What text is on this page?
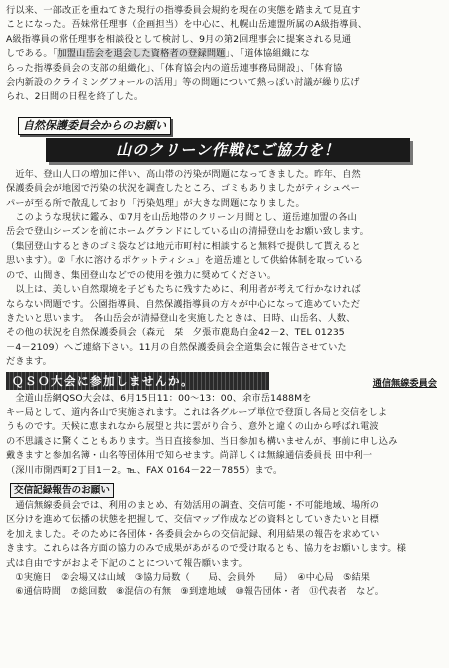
行以来、一部改正を重ねてきた現行の指導委員会規約を現在の実態を踏まえて見直す
ことになった。吾妹常任理事（企画担当）を中心に、札幌山岳連盟所属のA級指導員、
A級指導員の常任理事を相談役として検討し、9月の第2回理事会に提案される見通
しである。「加盟山岳会を退会した資格者の登録問題」、「道体協組織にな
らった指導委員会の支部の組織化」、「体育協会内の道岳連事務局開設」、「体育協
会内新設のクライミングフォールの活用」等の問題について熱っぽい討議が繰り広げ
られ、2日間の日程を終了した。

自然保護委員会からのお願い
山のクリーン作戦にご協力を！

　近年、登山人口の増加に伴い、高山帯の汚染が問題になってきました。昨年、自然
保護委員会が地図で汚染の状況を調査したところ、ゴミもありましたがティシュペー
パーが至る所で散乱しており「汚染処理」が大きな問題になりました。
　このような現状に鑑み、①7月を山岳地帯のクリーン月間とし、道岳連加盟の各山
岳会で登山シーズンを前にホームグランドにしている山の清掃登山をお願い致します。
（集団登山するときのゴミ袋などは地元市町村に相談すると無料で提供して貰えると
思います）。②「水に溶けるポケットティシュ」を道岳連として供給体制を取っている
ので、山間き、集団登山などでの使用を強力に奨めてください。
　以上は、美しい自然環境を子どもたちに残すために、利用者が考えて行かなければ
ならない問題です。公園指導員、自然保護指導員の方々が中心になって進めていただ
きたいと思います。　各山岳会が清掃登山を実施したときは、日時、山岳名、人数、
その他の状況を自然保護委員会（森元　栞　夕張市鹿島白金42－2、TEL 01235
－4－2109）へご連絡下さい。11月の自然保護委員会全道集会に報告させていた
だきます。

ＱＳＯ大会に参加しませんか。	通信無線委員会

　全道山岳網QSO大会は、6月15日11：00～13：00、余市岳1488Mを
キー局として、道内各山で実施されます。これは各グループ単位で登頂し各局と交信をしよ
うものです。天候に恵まれなから展望と共に雲がり合う、意外と違くの山から呼ばれ電波
の不思議さに驚くこともあります。当日直接参加、当日参加も構いませんが、事前に申し込み
戴きますと参加名簿・山名等団体用で知らせます。尚詳しくは無線通信委員長 田中利一
（深川市開西町2丁目1－2。℡、FAX 0164－22－7855）まで。

交信記録報告のお願い

　通信無線委員会では、利用のまとめ、有効活用の調査、交信可能・不可能地域、場所の
区分けを進めて伝播の状態を把握して、交信マップ作成などの資料としていきたいと目標
を加えました。そのために各団体・各委員会からの交信記録、利用結果の報告を求めてい
きます。これらは各方面の協力のみで成果があがるので受け取るとも、協力をお願いします。様
式は自由ですがおよそ下記のことについて報告願います。
　①実施日　②会場又は山域　③協力局数（　　局、会員外　　局）　④中心局　⑤結果
　⑥通信時間　⑦総回数　⑧混信の有無　⑨到達地域　⑩報告団体・者　⑪代表者　など。
